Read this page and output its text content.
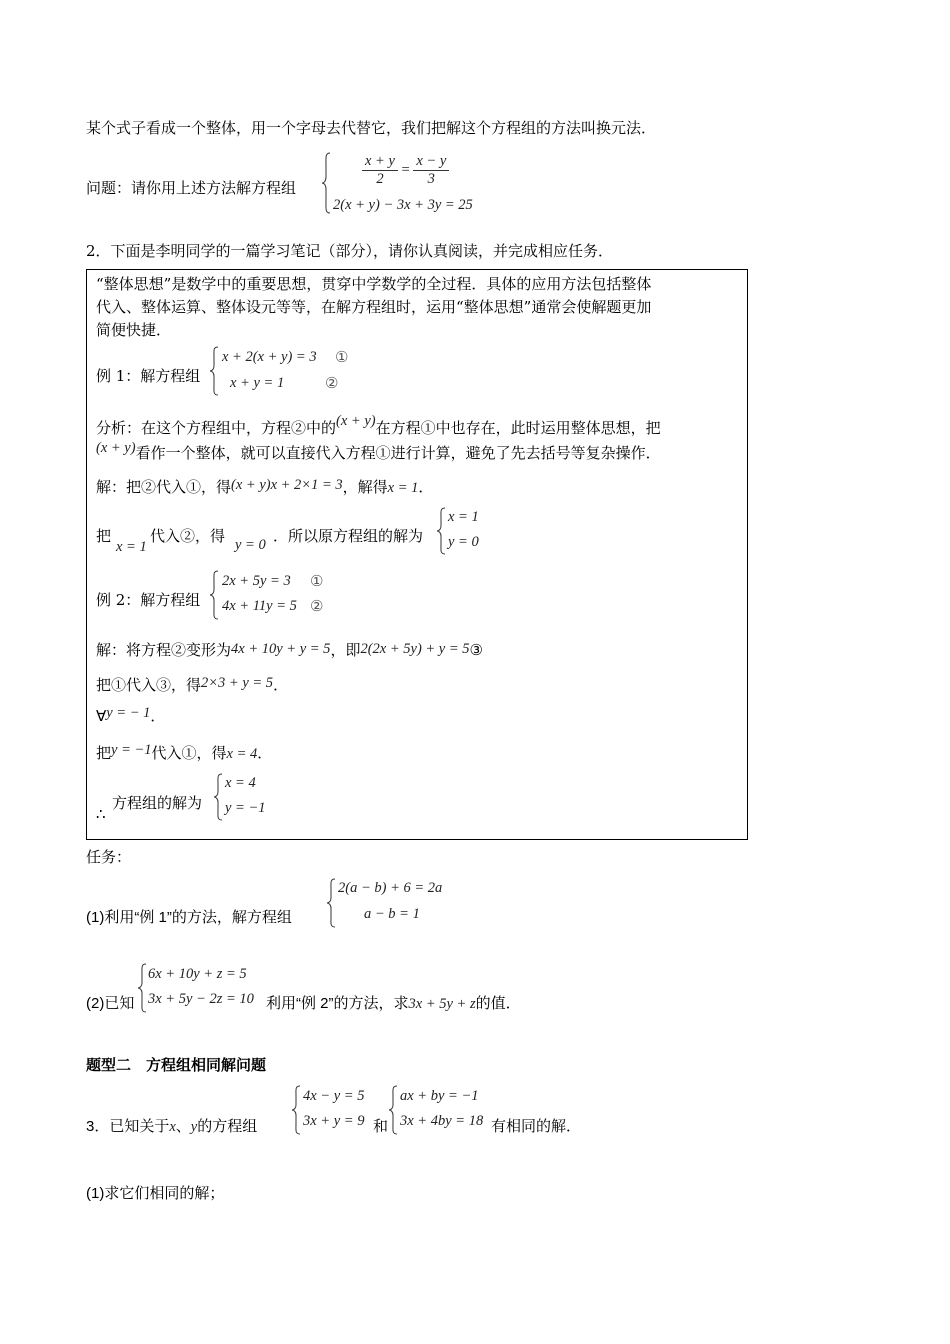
某个式子看成一个整体，用一个字母去代替它，我们把解这个方程组的方法叫换元法．
问题：请你用上述方法解方程组	$\frac{x + y}{2} = \frac{x - y}{3}$
2(x + y) − 3x + 3y = 25
2．下面是李明同学的一篇学习笔记（部分），请你认真阅读，并完成相应任务．
“整体思想”是数学中的重要思想，贯穿中学数学的全过程．具体的应用方法包括整体
代入、整体运算、整体设元等等，在解方程组时，运用“整体思想”通常会使解题更加
简便快捷．
例 1：解方程组
x + 2(x + y) = 3 ①
x + y = 1	②
分析：在这个方程组中，方程②中的(x + y)在方程①中也存在，此时运用整体思想，把
(x + y)看作一个整体，就可以直接代入方程①进行计算，避免了先去括号等复杂操作．
解：把②代入①，得(x + y)x + 2×1 = 3，解得x = 1．
把
x = 1
代入②，得 y = 0 ．所以原方程组的解为
x = 1
y = 0
例 2：解方程组
2x + 5y = 3 ①
4x + 11y = 5 ②
解：将方程②变形为4x + 10y + y = 5，即2(2x + 5y) + y = 5③
把①代入③，得2×3 + y = 5．
∀y = − 1．
把y = −1代入①，得x = 4．
∴
方程组的解为
x = 4
y = −1
任务：
(1)利用“例 1”的方法，解方程组
2(a − b) + 6 = 2a
a − b = 1
(2)已知
6x + 10y + z = 5
3x + 5y − 2z = 10 利用“例 2”的方法，求3x + 5y + z的值．
题型二　方程组相同解问题
3．已知关于x、y的方程组
4x − y = 5
3x + y = 9 和
ax + by = −1
3x + 4by = 18 有相同的解．
(1)求它们相同的解；
